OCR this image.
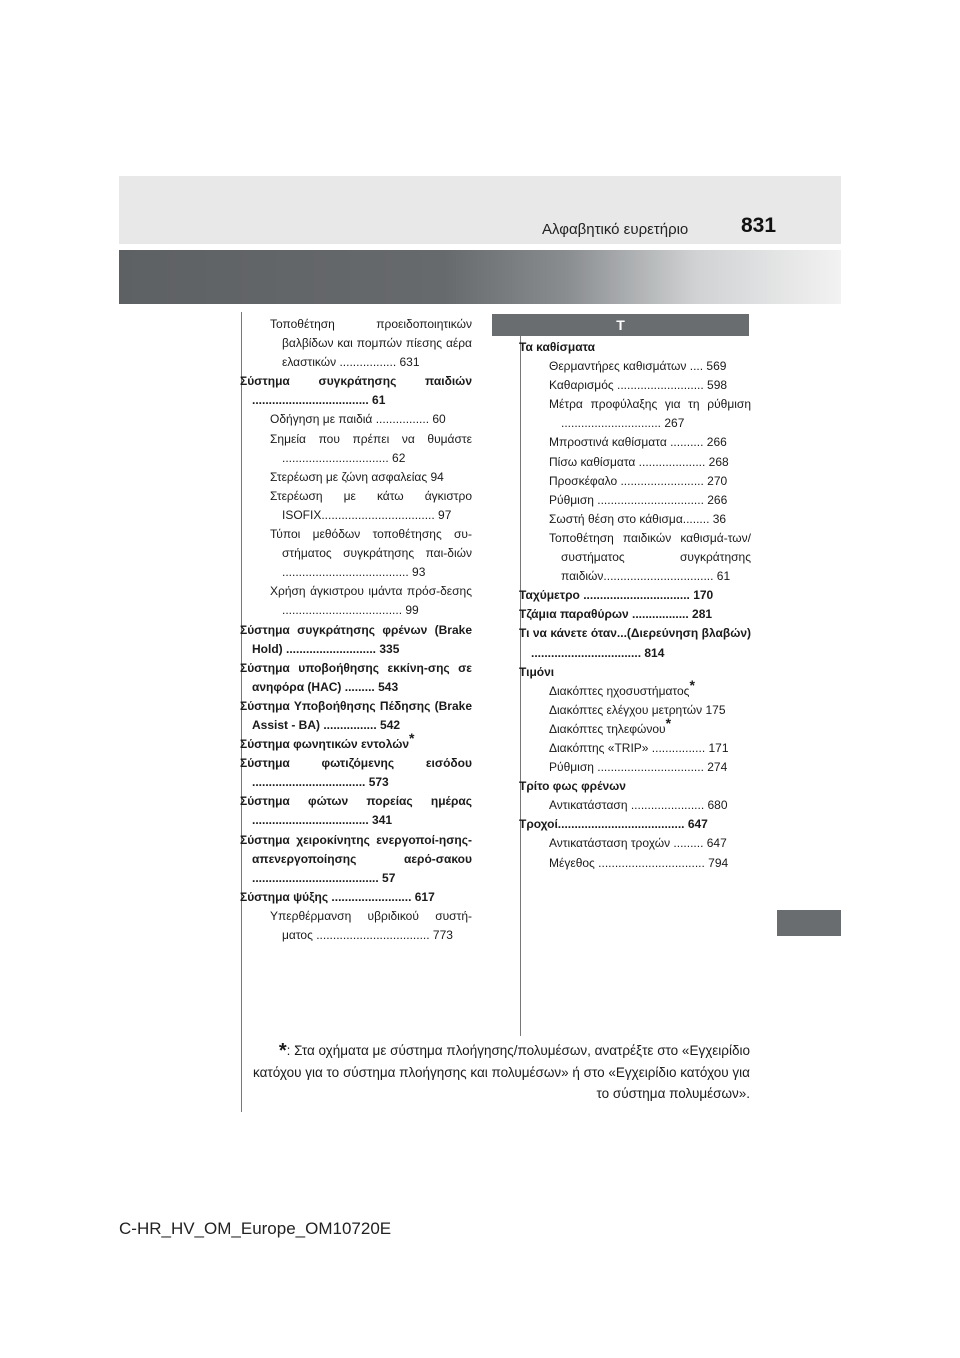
Αλφαβητικό ευρετήριο	831
Τ
Τοποθέτηση προειδοποιητικών βαλβίδων και πομπών πίεσης αέρα ελαστικών ................. 631
Σύστημα συγκράτησης παιδιών ................................... 61
Οδήγηση με παιδιά ................ 60
Σημεία που πρέπει να θυμάστε ................................ 62
Στερέωση με ζώνη ασφαλείας 94
Στερέωση με κάτω άγκιστρο ISOFIX.................................. 97
Τύποι μεθόδων τοποθέτησης συ-στήματος συγκράτησης παι-διών ...................................... 93
Χρήση άγκιστρου ιμάντα πρόσ-δεσης .................................... 99
Σύστημα συγκράτησης φρένων (Brake Hold) ........................... 335
Σύστημα υποβοήθησης εκκίνη-σης σε ανηφόρα (HAC) ......... 543
Σύστημα Υποβοήθησης Πέδησης (Brake Assist - BA) ................ 542
Σύστημα φωνητικών εντολών*
Σύστημα φωτιζόμενης εισόδου .................................. 573
Σύστημα φώτων πορείας ημέρας ................................... 341
Σύστημα χειροκίνητης ενεργοποί-ησης-απενεργοποίησης αερό-σακου ...................................... 57
Σύστημα ψύξης ........................ 617
Υπερθέρμανση υβριδικού συστή-ματος .................................. 773
Τα καθίσματα
Θερμαντήρες καθισμάτων .... 569
Καθαρισμός .......................... 598
Μέτρα προφύλαξης για τη ρύθμιση .............................. 267
Μπροστινά καθίσματα .......... 266
Πίσω καθίσματα .................... 268
Προσκέφαλο ......................... 270
Ρύθμιση ................................ 266
Σωστή θέση στο κάθισμα........ 36
Τοποθέτηση παιδικών καθισμά-των/συστήματος συγκράτησης παιδιών................................. 61
Ταχύμετρο ................................ 170
Τζάμια παραθύρων ................. 281
Τι να κάνετε όταν...(Διερεύνηση βλαβών) ................................. 814
Τιμόνι
Διακόπτες ηχοσυστήματος*
Διακόπτες ελέγχου μετρητών 175
Διακόπτες τηλεφώνου*
Διακόπτης «TRIP» ................ 171
Ρύθμιση ................................ 274
Τρίτο φως φρένων
Αντικατάσταση ...................... 680
Τροχοί...................................... 647
Αντικατάσταση τροχών ......... 647
Μέγεθος ................................ 794
*: Στα οχήματα με σύστημα πλοήγησης/πολυμέσων, ανατρέξτε στο «Εγχειρίδιο κατόχου για το σύστημα πλοήγησης και πολυμέσων» ή στο «Εγχειρίδιο κατόχου για το σύστημα πολυμέσων».
C-HR_HV_OM_Europe_OM10720E
